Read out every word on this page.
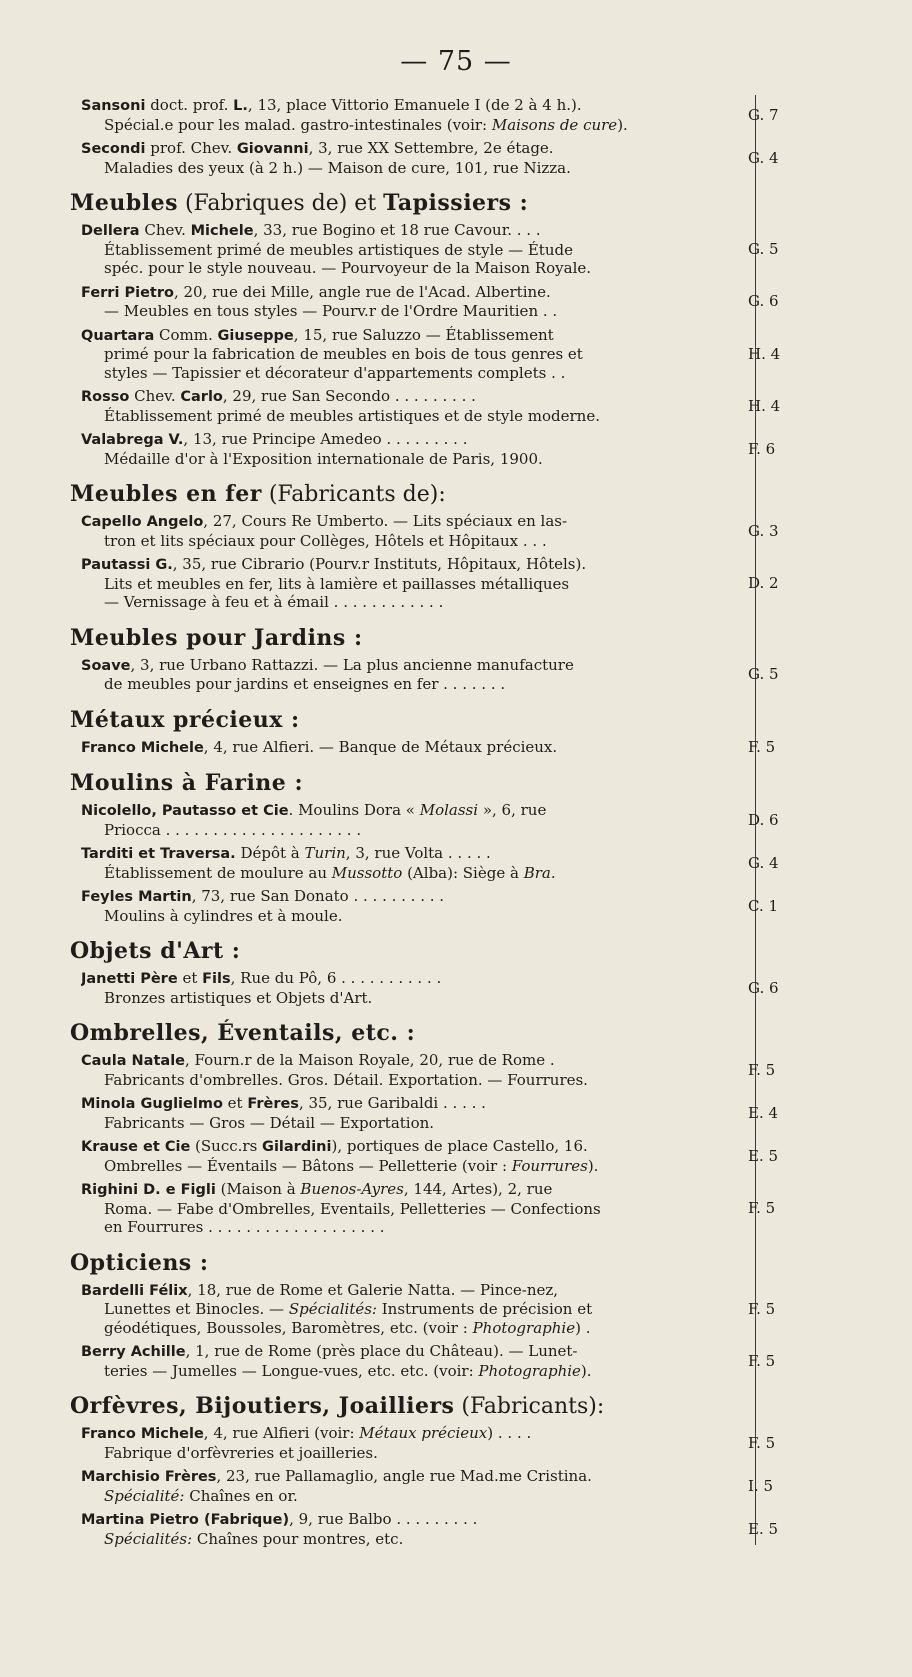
— 75 —
Sansoni doct. prof. L., 13, place Vittorio Emanuele I (de 2 à 4 h.).
Spécial.e pour les malad. gastro-intestinales (voir: Maisons de cure).
G. 7
Secondi prof. Chev. Giovanni, 3, rue XX Settembre, 2e étage.
Maladies des yeux (à 2 h.) — Maison de cure, 101, rue Nizza.
G. 4
Meubles (Fabriques de) et Tapissiers :
Dellera Chev. Michele, 33, rue Bogino et 18 rue Cavour. . . .
Établissement primé de meubles artistiques de style — Étude
spéc. pour le style nouveau. — Pourvoyeur de la Maison Royale.
G. 5
Ferri Pietro, 20, rue dei Mille, angle rue de l'Acad. Albertine.
— Meubles en tous styles — Pourv.r de l'Ordre Mauritien . .
G. 6
Quartara Comm. Giuseppe, 15, rue Saluzzo — Établissement
primé pour la fabrication de meubles en bois de tous genres et
styles — Tapissier et décorateur d'appartements complets . .
H. 4
Rosso Chev. Carlo, 29, rue San Secondo . . . . . . . . .
Établissement primé de meubles artistiques et de style moderne.
H. 4
Valabrega V., 13, rue Principe Amedeo . . . . . . . . .
Médaille d'or à l'Exposition internationale de Paris, 1900.
F. 6
Meubles en fer (Fabricants de):
Capello Angelo, 27, Cours Re Umberto. — Lits spéciaux en las-
tron et lits spéciaux pour Collèges, Hôtels et Hôpitaux . . .
G. 3
Pautassi G., 35, rue Cibrario (Pourv.r Instituts, Hôpitaux, Hôtels).
Lits et meubles en fer, lits à lamière et paillasses métalliques
— Vernissage à feu et à émail . . . . . . . . . . . .
D. 2
Meubles pour Jardins :
Soave, 3, rue Urbano Rattazzi. — La plus ancienne manufacture
de meubles pour jardins et enseignes en fer . . . . . . .
G. 5
Métaux précieux :
Franco Michele, 4, rue Alfieri. — Banque de Métaux précieux.	F. 5
Moulins à Farine :
Nicolello, Pautasso et Cie. Moulins Dora « Molassi », 6, rue
Priocca . . . . . . . . . . . . . . . . . . . . .
D. 6
Tarditi et Traversa. Dépôt à Turin, 3, rue Volta . . . . .
Établissement de moulure au Mussotto (Alba): Siège à Bra.
G. 4
Feyles Martin, 73, rue San Donato . . . . . . . . . .
Moulins à cylindres et à moule.
C. 1
Objets d'Art :
Janetti Père et Fils, Rue du Pô, 6 . . . . . . . . . . .
Bronzes artistiques et Objets d'Art.
G. 6
Ombrelles, Éventails, etc. :
Caula Natale, Fourn.r de la Maison Royale, 20, rue de Rome .
Fabricants d'ombrelles. Gros. Détail. Exportation. — Fourrures.
F. 5
Minola Guglielmo et Frères, 35, rue Garibaldi . . . . .
Fabricants — Gros — Détail — Exportation.
E. 4
Krause et Cie (Succ.rs Gilardini), portiques de place Castello, 16.
Ombrelles — Éventails — Bâtons — Pelletterie (voir : Fourrures).
E. 5
Righini D. e Figli (Maison à Buenos-Ayres, 144, Artes), 2, rue
Roma. — Fabe d'Ombrelles, Eventails, Pelletteries — Confections
en Fourrures . . . . . . . . . . . . . . . . . . .
F. 5
Opticiens :
Bardelli Félix, 18, rue de Rome et Galerie Natta. — Pince-nez,
Lunettes et Binocles. — Spécialités: Instruments de précision et
géodétiques, Boussoles, Baromètres, etc. (voir : Photographie) .
F. 5
Berry Achille, 1, rue de Rome (près place du Château). — Lunet-
teries — Jumelles — Longue-vues, etc. etc. (voir: Photographie).
F. 5
Orfèvres, Bijoutiers, Joailliers (Fabricants):
Franco Michele, 4, rue Alfieri (voir: Métaux précieux) . . . .
Fabrique d'orfèvreries et joailleries.
F. 5
Marchisio Frères, 23, rue Pallamaglio, angle rue Mad.me Cristina.
Spécialité: Chaînes en or.
I. 5
Martina Pietro (Fabrique), 9, rue Balbo . . . . . . . . .
Spécialités: Chaînes pour montres, etc.
E. 5
